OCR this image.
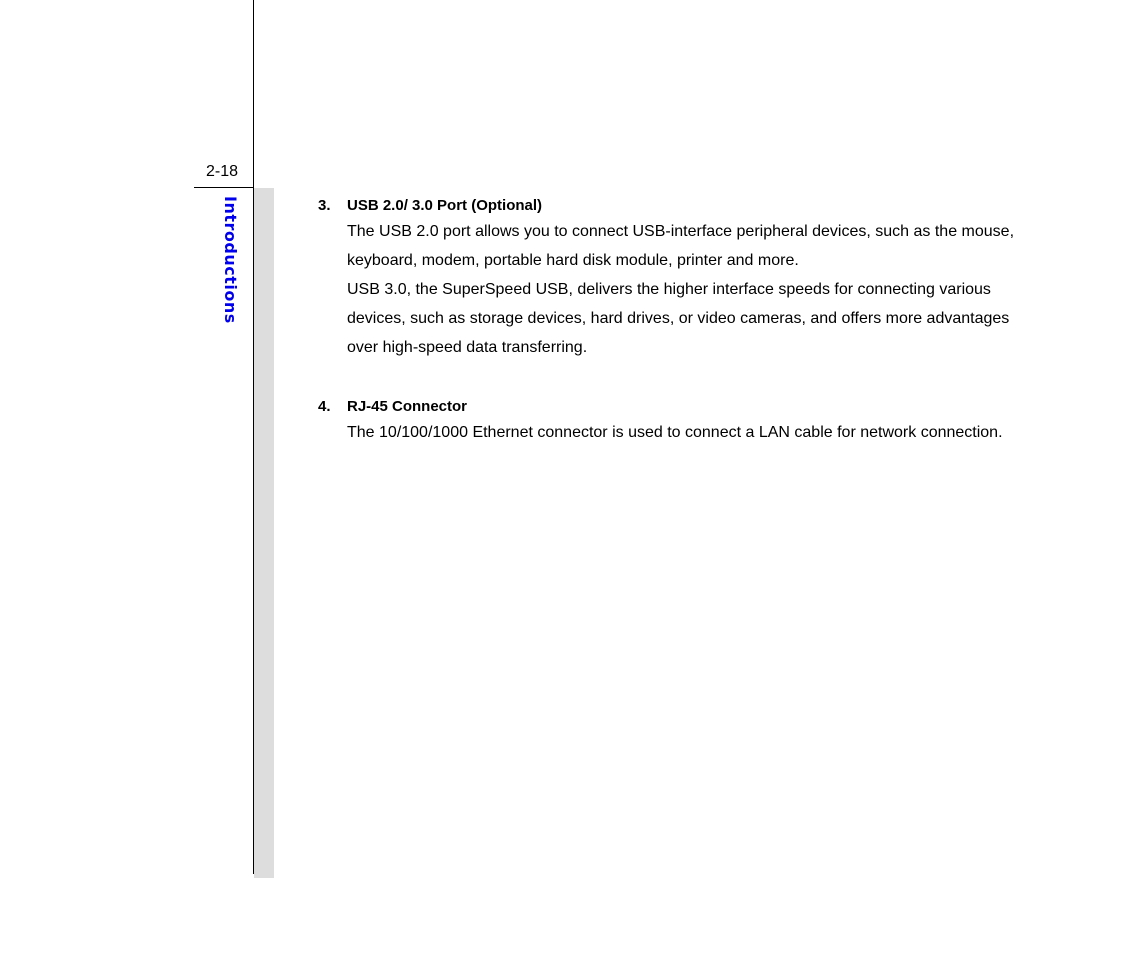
2-18
Introductions	3. USB 2.0/ 3.0 Port (Optional)

The USB 2.0 port allows you to connect USB-interface peripheral devices, such as the mouse, keyboard, modem, portable hard disk module, printer and more.

USB 3.0, the SuperSpeed USB, delivers the higher interface speeds for connecting various devices, such as storage devices, hard drives, or video cameras, and offers more advantages over high-speed data transferring.

4. RJ-45 Connector

The 10/100/1000 Ethernet connector is used to connect a LAN cable for network connection.
